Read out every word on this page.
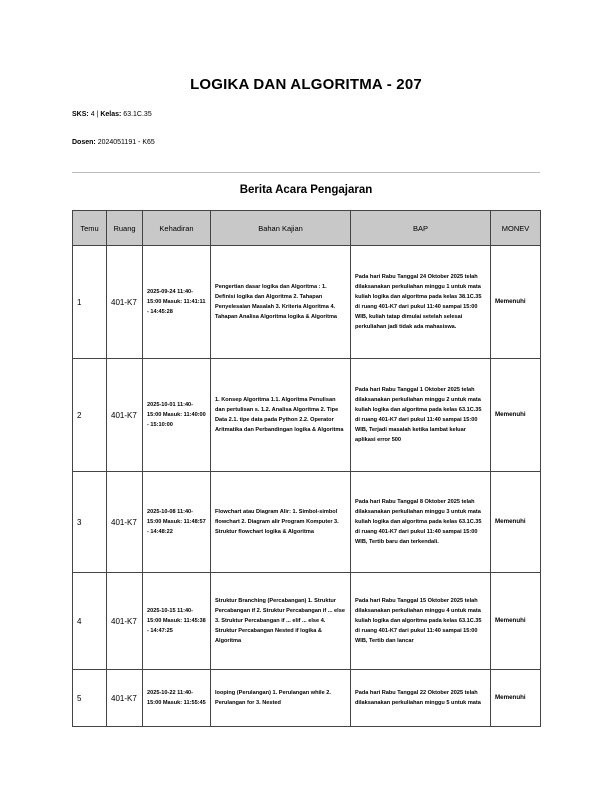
LOGIKA DAN ALGORITMA - 207
SKS: 4 | Kelas: 63.1C.35
Dosen: 2024051191 - K65
Berita Acara Pengajaran
Temu	Ruang	Kehadiran	Bahan Kajian	BAP	MONEV
1	401-K7	2025-09-24 11:40-15:00 Masuk: 11:41:11 - 14:45:28	Pengertian dasar logika dan Algoritma : 1. Definisi logika dan Algoritma 2. Tahapan Penyelesaian Masalah 3. Kriteria Algoritma 4. Tahapan Analisa Algoritma logika & Algoritma	Pada hari Rabu Tanggal 24 Oktober 2025 telah dilaksanakan perkuliahan minggu 1 untuk mata kuliah logika dan algoritma pada kelas 38.1C.35 di ruang 401-K7 dari pukul 11:40 sampai 15:00 WIB, kuliah tatap dimulai setelah selesai perkuliahan jadi tidak ada mahasiswa.	Memenuhi
2	401-K7	2025-10-01 11:40-15:00 Masuk: 11:40:00 - 15:10:00	1. Konsep Algoritma 1.1. Algoritma Penulisan dan pertulisan s. 1.2. Analisa Algoritma 2. Tipe Data 2.1. tipe data pada Python 2.2. Operator Aritmatika dan Perbandingan logika & Algoritma	Pada hari Rabu Tanggal 1 Oktober 2025 telah dilaksanakan perkuliahan minggu 2 untuk mata kuliah logika dan algoritma pada kelas 63.1C.35 di ruang 401-K7 dari pukul 11:40 sampai 15:00 WIB, Terjadi masalah ketika lambat keluar aplikasi error 500	Memenuhi
3	401-K7	2025-10-08 11:40-15:00 Masuk: 11:48:57 - 14:48:22	Flowchart atau Diagram Alir: 1. Simbol-simbol flowchart 2. Diagram alir Program Komputer 3. Struktur flowchart logika & Algoritma	Pada hari Rabu Tanggal 8 Oktober 2025 telah dilaksanakan perkuliahan minggu 3 untuk mata kuliah logika dan algoritma pada kelas 63.1C.35 di ruang 401-K7 dari pukul 11:40 sampai 15:00 WIB, Tertib baru dan terkendali.	Memenuhi
4	401-K7	2025-10-15 11:40-15:00 Masuk: 11:45:38 - 14:47:25	Struktur Branching (Percabangan) 1. Struktur Percabangan if 2. Struktur Percabangan if ... else 3. Struktur Percabangan if ... elif ... else 4. Struktur Percabangan Nested if logika & Algoritma	Pada hari Rabu Tanggal 15 Oktober 2025 telah dilaksanakan perkuliahan minggu 4 untuk mata kuliah logika dan algoritma pada kelas 63.1C.35 di ruang 401-K7 dari pukul 11:40 sampai 15:00 WIB, Tertib dan lancar	Memenuhi
5	401-K7	2025-10-22 11:40-15:00 Masuk: 11:55:45	looping (Perulangan) 1. Perulangan while 2. Perulangan for 3. Nested	Pada hari Rabu Tanggal 22 Oktober 2025 telah dilaksanakan perkuliahan minggu 5 untuk mata	Memenuhi
